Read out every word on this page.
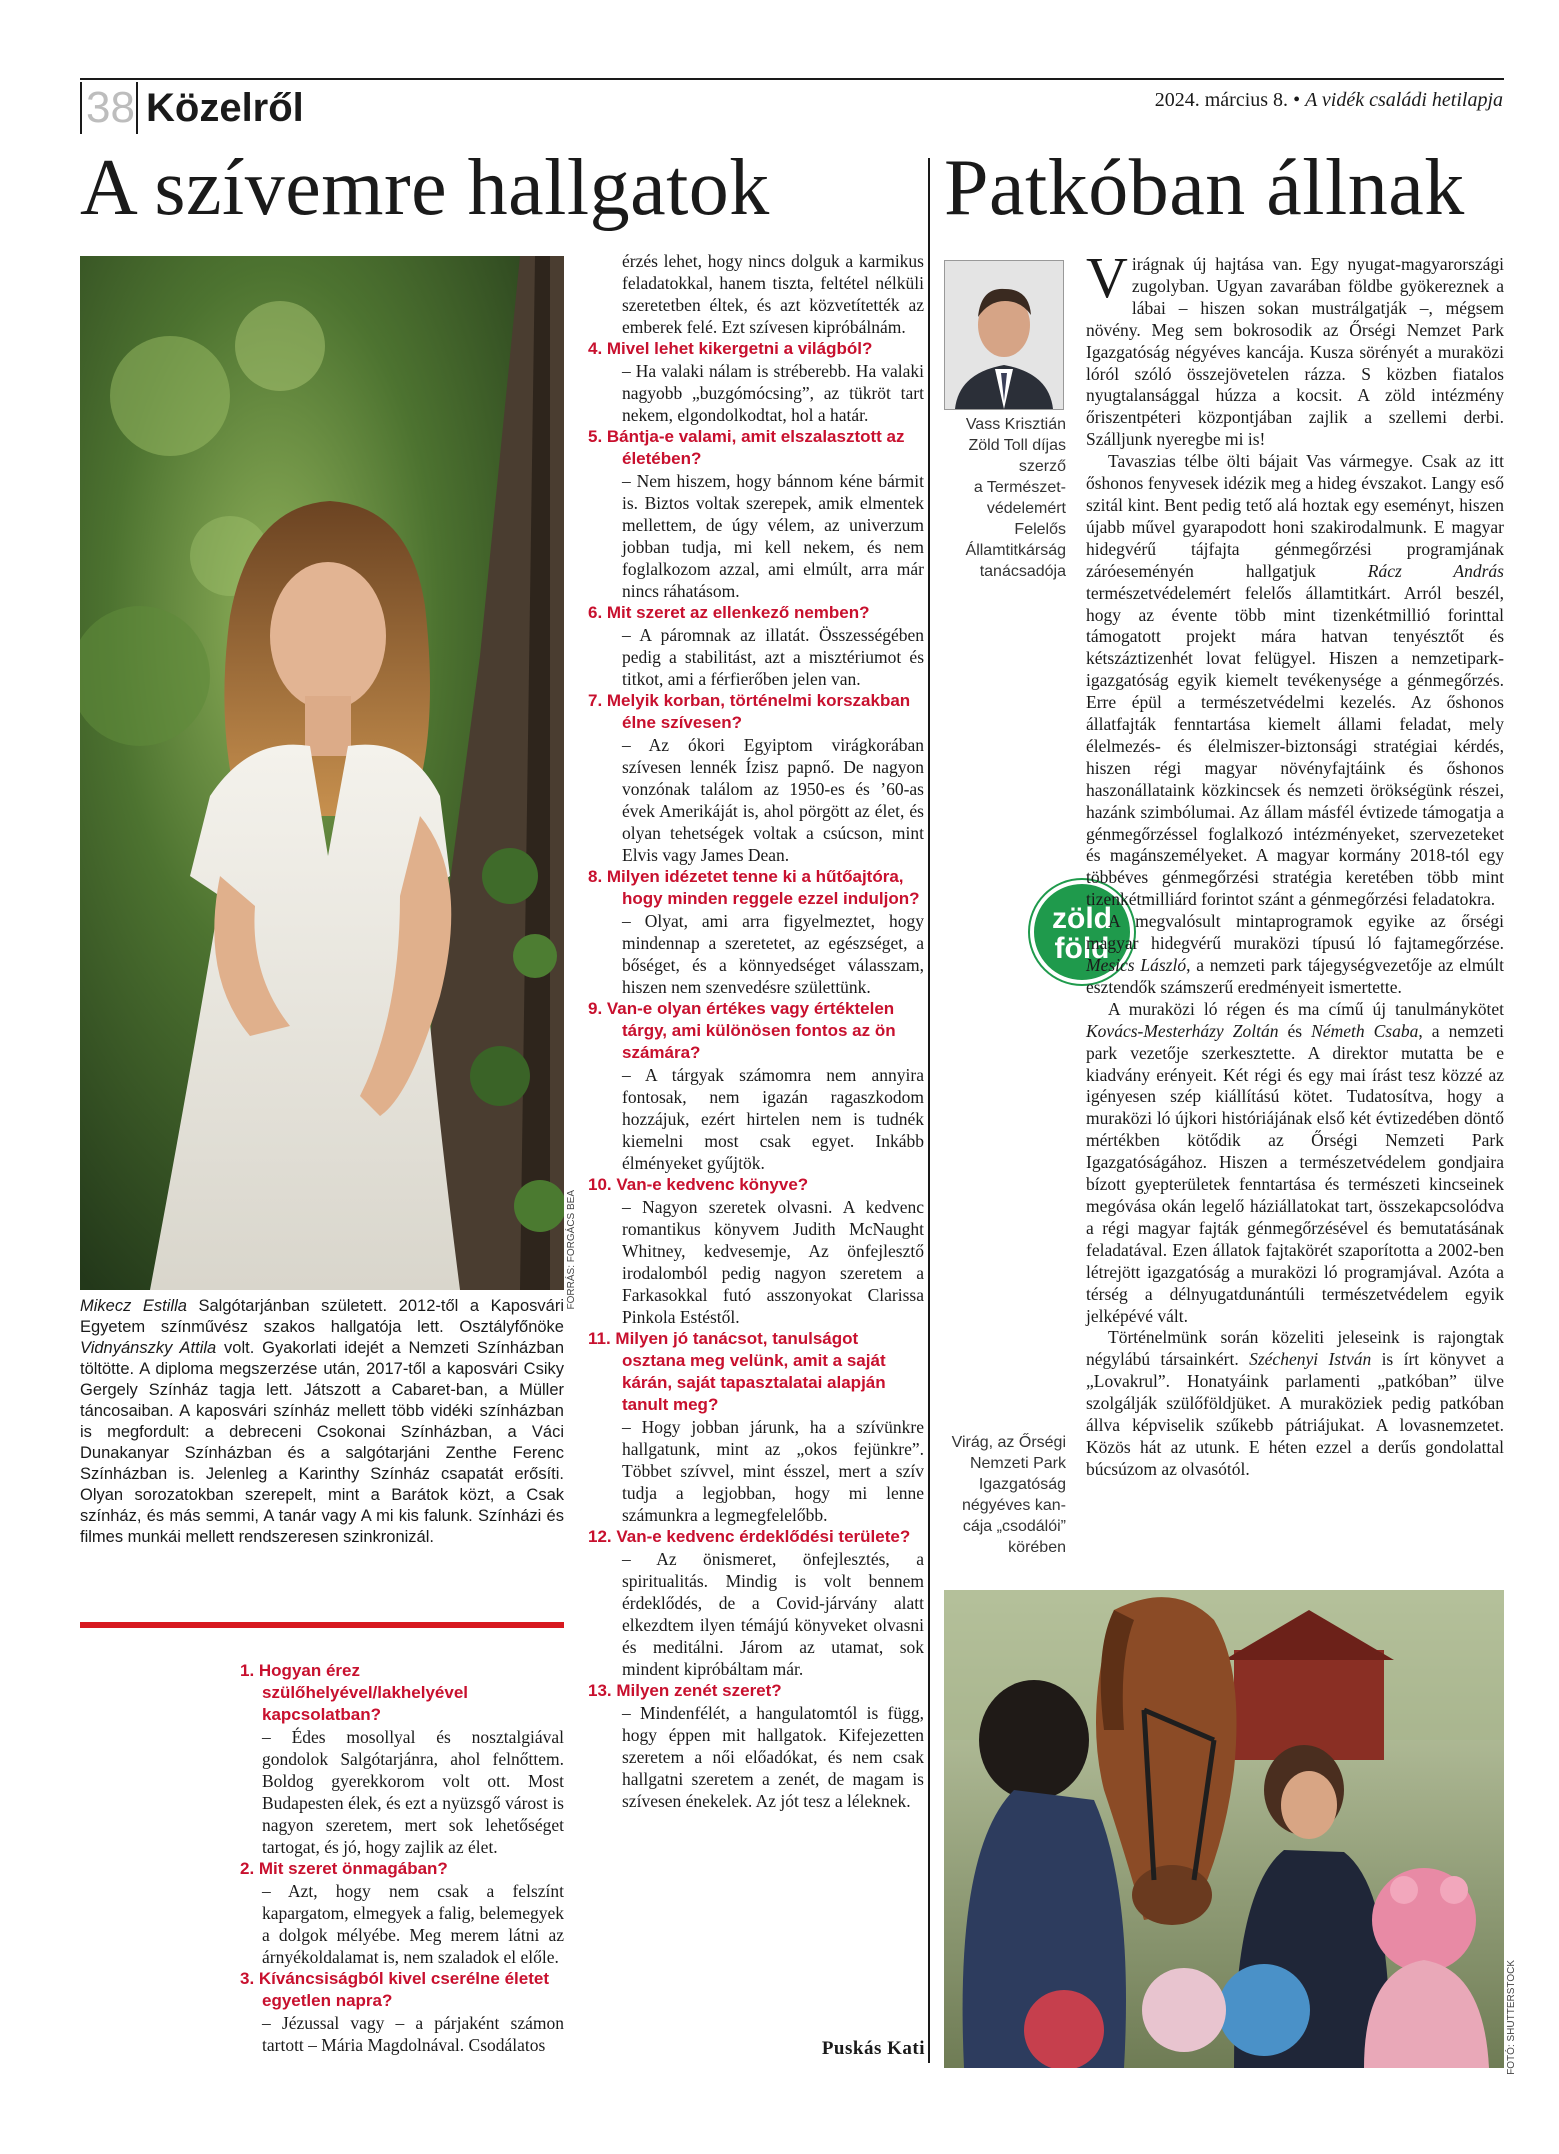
38 Közelről	2024. március 8. • A vidék családi hetilapja
A szívemre hallgatok Patkóban állnak
FORRÁS: FORGÁCS BEA
Mikecz Estilla Salgótarjánban született. 2012-től a Kaposvári Egyetem színművész szakos hallgatója lett. Osztályfőnöke Vidnyánszky Attila volt. Gyakorlati idejét a Nemzeti Színházban töltötte. A diploma megszerzése után, 2017-től a kaposvári Csiky Gergely Színház tagja lett. Játszott a Cabaret-ban, a Müller táncosaiban. A kaposvári színház mellett több vidéki színházban is megfordult: a debreceni Csokonai Színházban, a Váci Dunakanyar Színházban és a salgótarjáni Zenthe Ferenc Színházban is. Jelenleg a Karinthy Színház csapatát erősíti. Olyan sorozatokban szerepelt, mint a Barátok közt, a Csak színház, és más semmi, A tanár vagy A mi kis falunk. Színházi és filmes munkái mellett rendszeresen szinkronizál.
1. Hogyan érez szülőhelyével/lakhelyével kapcsolatban?
– Édes mosollyal és nosztalgiával gondolok Salgótarjánra, ahol felnőttem. Boldog gyerekkorom volt ott. Most Budapesten élek, és ezt a nyüzsgő várost is nagyon szeretem, mert sok lehetőséget tartogat, és jó, hogy zajlik az élet.
2. Mit szeret önmagában?
– Azt, hogy nem csak a felszínt kapargatom, elmegyek a falig, belemegyek a dolgok mélyébe. Meg merem látni az árnyékoldalamat is, nem szaladok el előle.
3. Kíváncsiságból kivel cserélne életet egyetlen napra?
– Jézussal vagy – a párjaként számon tartott – Mária Magdolnával. Csodálatos
érzés lehet, hogy nincs dolguk a karmikus feladatokkal, hanem tiszta, feltétel nélküli szeretetben éltek, és azt közvetítették az emberek felé. Ezt szívesen kipróbálnám.
4. Mivel lehet kikergetni a világból?
– Ha valaki nálam is stréberebb. Ha valaki nagyobb „buzgómócsing”, az tükröt tart nekem, elgondolkodtat, hol a határ.
5. Bántja-e valami, amit elszalasztott az életében?
– Nem hiszem, hogy bánnom kéne bármit is. Biztos voltak szerepek, amik elmentek mellettem, de úgy vélem, az univerzum jobban tudja, mi kell nekem, és nem foglalkozom azzal, ami elmúlt, arra már nincs ráhatásom.
6. Mit szeret az ellenkező nemben?
– A páromnak az illatát. Összességében pedig a stabilitást, azt a misztériumot és titkot, ami a férfierőben jelen van.
7. Melyik korban, történelmi korszakban élne szívesen?
– Az ókori Egyiptom virágkorában szívesen lennék Ízisz papnő. De nagyon vonzónak találom az 1950-es és ’60-as évek Amerikáját is, ahol pörgött az élet, és olyan tehetségek voltak a csúcson, mint Elvis vagy James Dean.
8. Milyen idézetet tenne ki a hűtőajtóra, hogy minden reggele ezzel induljon?
– Olyat, ami arra figyelmeztet, hogy mindennap a szeretetet, az egészséget, a bőséget, és a könnyedséget válasszam, hiszen nem szenvedésre születtünk.
9. Van-e olyan értékes vagy értéktelen tárgy, ami különösen fontos az ön számára?
– A tárgyak számomra nem annyira fontosak, nem igazán ragaszkodom hozzájuk, ezért hirtelen nem is tudnék kiemelni most csak egyet. Inkább élményeket gyűjtök.
10. Van-e kedvenc könyve?
– Nagyon szeretek olvasni. A kedvenc romantikus könyvem Judith McNaught Whitney, kedvesemje, Az önfejlesztő irodalomból pedig nagyon szeretem a Farkasokkal futó asszonyokat Clarissa Pinkola Estéstől.
11. Milyen jó tanácsot, tanulságot osztana meg velünk, amit a saját kárán, saját tapasztalatai alapján tanult meg?
– Hogy jobban járunk, ha a szívünkre hallgatunk, mint az „okos fejünkre”. Többet szívvel, mint ésszel, mert a szív tudja a legjobban, hogy mi lenne számunkra a legmegfelelőbb.
12. Van-e kedvenc érdeklődési területe?
– Az önismeret, önfejlesztés, a spiritualitás. Mindig is volt bennem érdeklődés, de a Covid-járvány alatt elkezdtem ilyen témájú könyveket olvasni és meditálni. Járom az utamat, sok mindent kipróbáltam már.
13. Milyen zenét szeret?
– Mindenfélét, a hangulatomtól is függ, hogy éppen mit hallgatok. Kifejezetten szeretem a női előadókat, és nem csak hallgatni szeretem a zenét, de magam is szívesen énekelek. Az jót tesz a léleknek.
Puskás Kati
Vass Krisztián
Zöld Toll díjas
szerző
a Természet-
védelemért
Felelős
Államtitkárság
tanácsadója
zöld
föld

Virágnak új hajtása van. Egy nyugat-magyarországi zugolyban. Ugyan zavarában földbe gyökereznek a lábai – hiszen sokan mustrálgatják –, mégsem növény. Meg sem bokrosodik az Őrségi Nemzet Park Igazgatóság négyéves kancája. Kusza sörényét a muraközi lóról szóló összejövetelen rázza. S közben fiatalos nyugtalansággal húzza a kocsit. A zöld intézmény őriszentpéteri központjában zajlik a szellemi derbi. Szálljunk nyeregbe mi is!

Tavaszias télbe ölti bájait Vas vármegye. Csak az itt őshonos fenyvesek idézik meg a hideg évszakot. Langy eső szitál kint. Bent pedig tető alá hoztak egy eseményt, hiszen újabb művel gyarapodott honi szakirodalmunk. E magyar hidegvérű tájfajta génmegőrzési programjának záróeseményén hallgatjuk Rácz András természetvédelemért felelős államtitkárt. Arról beszél, hogy az évente több mint tizenkétmillió forinttal támogatott projekt mára hatvan tenyésztőt és kétszáztizenhét lovat felügyel. Hiszen a nemzetipark-igazgatóság egyik kiemelt tevékenysége a génmegőrzés. Erre épül a természetvédelmi kezelés. Az őshonos állatfajták fenntartása kiemelt állami feladat, mely élelmezés- és élelmiszer-biztonsági stratégiai kérdés, hiszen régi magyar növényfajtáink és őshonos haszonállataink közkincsek és nemzeti örökségünk részei, hazánk szimbólumai. Az állam másfél évtizede támogatja a génmegőrzéssel foglalkozó intézményeket, szervezeteket és magánszemélyeket. A magyar kormány 2018-tól egy többéves génmegőrzési stratégia keretében több mint tizenkétmilliárd forintot szánt a génmegőrzési feladatokra.

A megvalósult mintaprogramok egyike az őrségi magyar hidegvérű muraközi típusú ló fajtamegőrzése. Mesics László, a nemzeti park tájegységvezetője az elmúlt esztendők számszerű eredményeit ismertette.

A muraközi ló régen és ma című új tanulmánykötet Kovács-Mesterházy Zoltán és Németh Csaba, a nemzeti park vezetője szerkesztette. A direktor mutatta be e kiadvány erényeit. Két régi és egy mai írást tesz közzé az igényesen szép kiállítású kötet. Tudatosítva, hogy a muraközi ló újkori históriájának első két évtizedében döntő mértékben kötődik az Őrségi Nemzeti Park Igazgatóságához. Hiszen a természetvédelem gondjaira bízott gyepterületek fenntartása és természeti kincseinek megóvása okán legelő háziállatokat tart, összekapcsolódva a régi magyar fajták génmegőrzésével és bemutatásának feladatával. Ezen állatok fajtakörét szaporította a 2002-ben létrejött igazgatóság a muraközi ló programjával. Azóta a térség a délnyugatdunántúli természetvédelem egyik jelképévé vált.

Történelmünk során közeliti jeleseink is rajongtak négylábú társainkért. Széchenyi István is írt könyvet a „Lovakrul”. Honatyáink parlamenti „patkóban” ülve szolgálják szülőföldjüket. A muraköziek pedig patkóban állva képviselik szűkebb pátriájukat. A lovasnemzetet. Közös hát az utunk. E héten ezzel a derűs gondolattal búcsúzom az olvasótól.

Virág, az Őrségi
Nemzeti Park
Igazgatóság
négyéves kan-
cája „csodálói”
körében
FOTÓ: SHUTTERSTOCK
